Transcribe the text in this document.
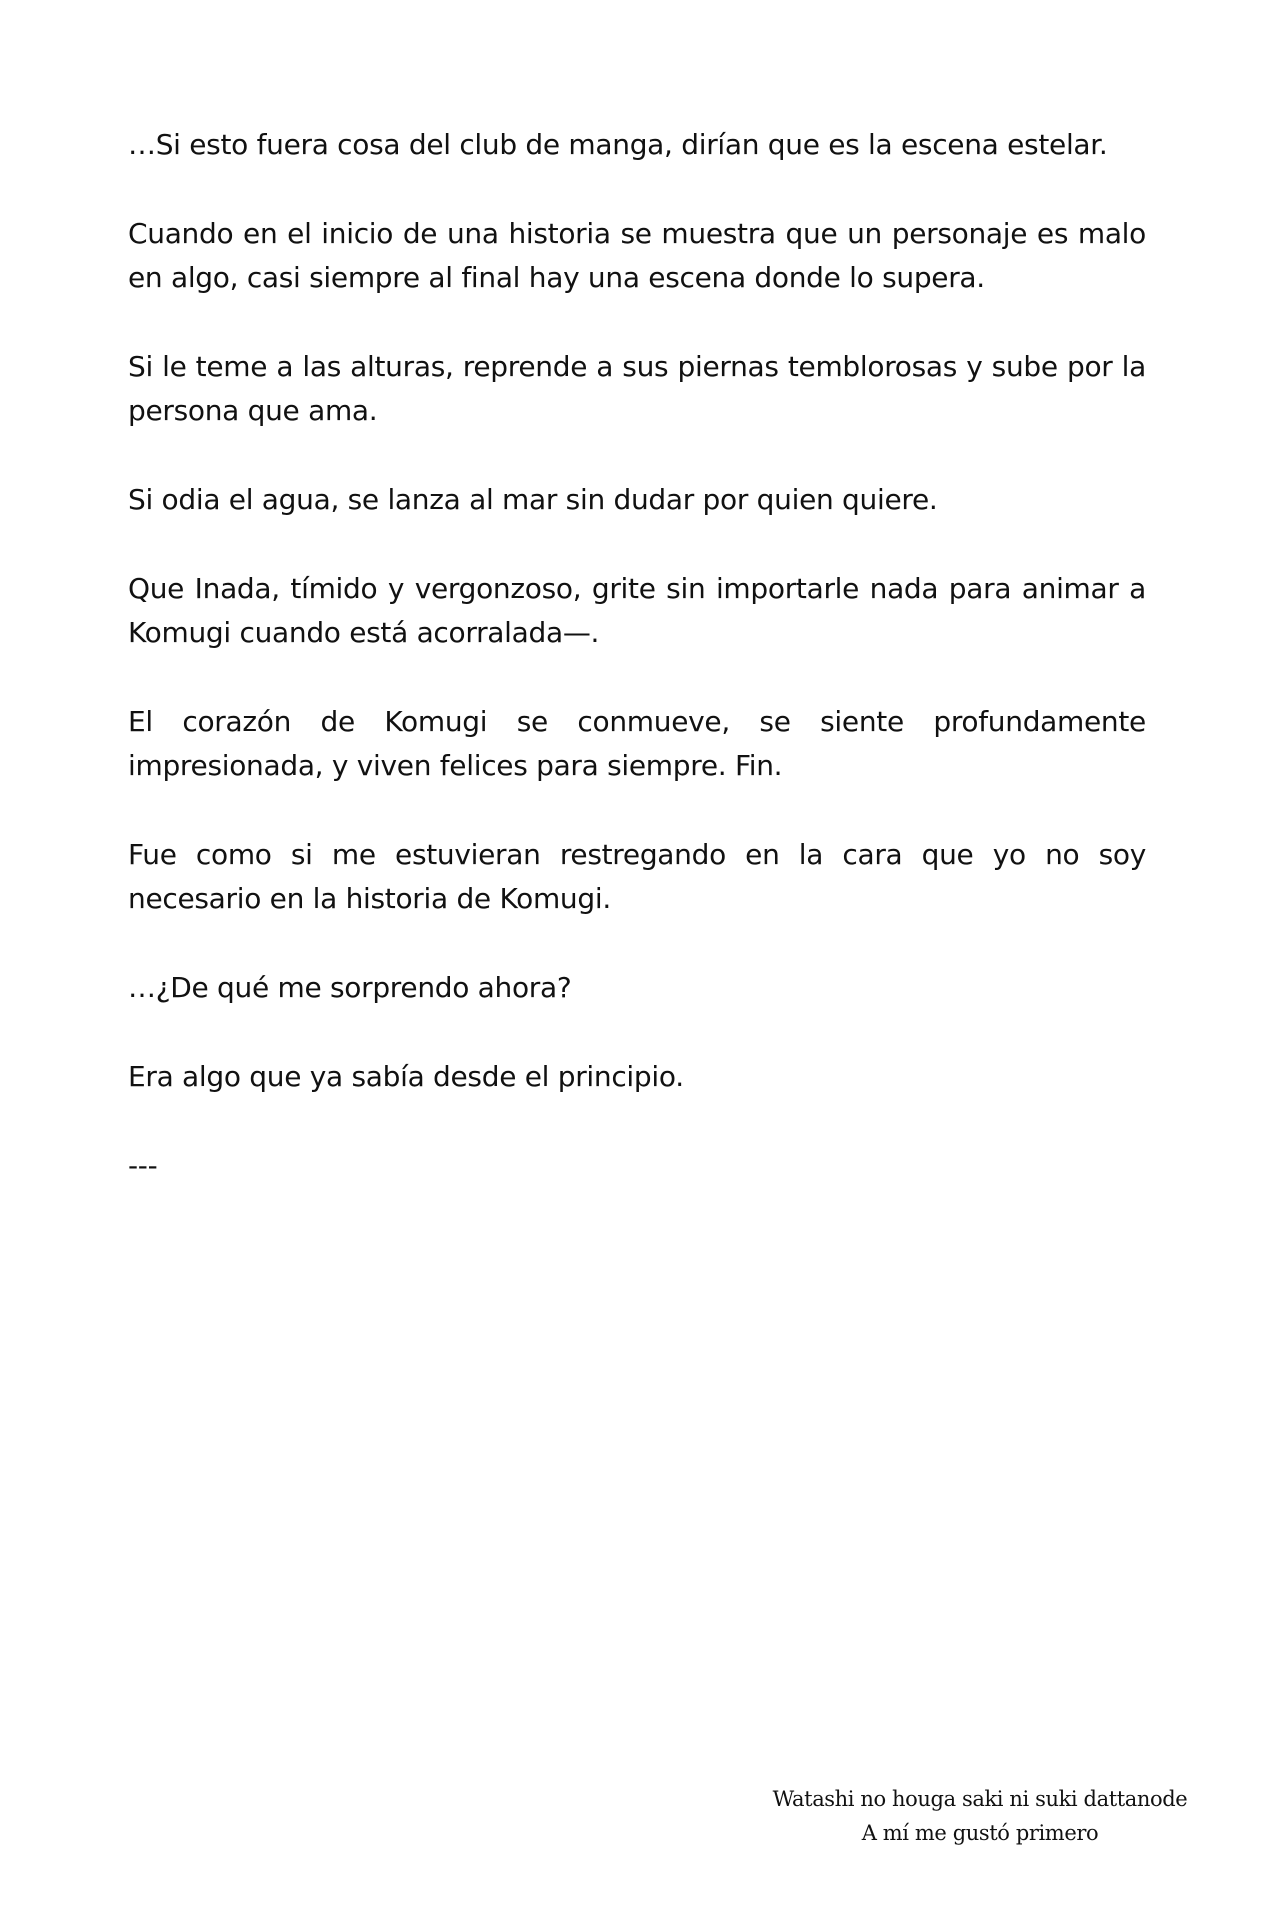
…Si esto fuera cosa del club de manga, dirían que es la escena estelar.

Cuando en el inicio de una historia se muestra que un personaje es malo en algo, casi siempre al final hay una escena donde lo supera.

Si le teme a las alturas, reprende a sus piernas temblorosas y sube por la persona que ama.

Si odia el agua, se lanza al mar sin dudar por quien quiere.

Que Inada, tímido y vergonzoso, grite sin importarle nada para animar a Komugi cuando está acorralada—.

El corazón de Komugi se conmueve, se siente profundamente impresionada, y viven felices para siempre. Fin.

Fue como si me estuvieran restregando en la cara que yo no soy necesario en la historia de Komugi.

…¿De qué me sorprendo ahora?

Era algo que ya sabía desde el principio.

---

Watashi no houga saki ni suki dattanode
A mí me gustó primero
